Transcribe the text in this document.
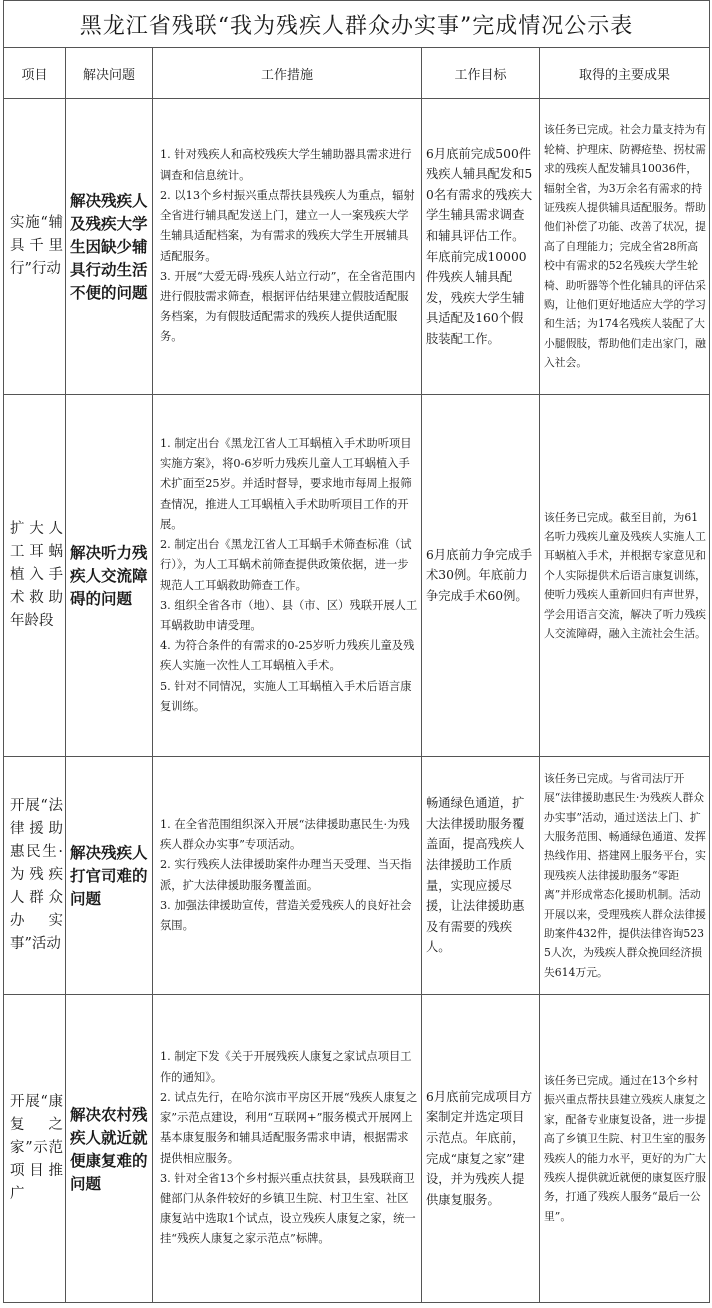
黑龙江省残联“我为残疾人群众办实事”完成情况公示表				
项目	解决问题	工作措施	工作目标	取得的主要成果
实施“辅具千里行”行动	解决残疾人及残疾大学生因缺少辅具行动生活不便的问题	1. 针对残疾人和高校残疾大学生辅助器具需求进行调查和信息统计。
2. 以13个乡村振兴重点帮扶县残疾人为重点，辐射全省进行辅具配发送上门，建立一人一案残疾大学生辅具适配档案，为有需求的残疾大学生开展辅具适配服务。
3. 开展“大爱无碍·残疾人站立行动”，在全省范围内进行假肢需求筛查，根据评估结果建立假肢适配服务档案，为有假肢适配需求的残疾人提供适配服务。	6月底前完成500件残疾人辅具配发和50名有需求的残疾大学生辅具需求调查和辅具评估工作。年底前完成10000件残疾人辅具配发，残疾大学生辅具适配及160个假肢装配工作。	该任务已完成。社会力量支持为有轮椅、护理床、防褥疮垫、拐杖需求的残疾人配发辅具10036件，辐射全省，为3万余名有需求的持证残疾人提供辅具适配服务。帮助他们补偿了功能、改善了状况，提高了自理能力；完成全省28所高校中有需求的52名残疾大学生轮椅、助听器等个性化辅具的评估采购，让他们更好地适应大学的学习和生活；为174名残疾人装配了大小腿假肢，帮助他们走出家门，融入社会。
扩大人工耳蜗植入手术救助年龄段	解决听力残疾人交流障碍的问题	1. 制定出台《黑龙江省人工耳蜗植入手术助听项目实施方案》，将0-6岁听力残疾儿童人工耳蜗植入手术扩面至25岁。并适时督导，要求地市每周上报筛查情况，推进人工耳蜗植入手术助听项目工作的开展。
2. 制定出台《黑龙江省人工耳蜗手术筛查标准（试行）》，为人工耳蜗术前筛查提供政策依据，进一步规范人工耳蜗救助筛查工作。
3. 组织全省各市（地）、县（市、区）残联开展人工耳蜗救助申请受理。
4. 为符合条件的有需求的0-25岁听力残疾儿童及残疾人实施一次性人工耳蜗植入手术。
5. 针对不同情况，实施人工耳蜗植入手术后语言康复训练。	6月底前力争完成手术30例。年底前力争完成手术60例。	该任务已完成。截至目前，为61名听力残疾儿童及残疾人实施人工耳蜗植入手术，并根据专家意见和个人实际提供术后语言康复训练，使听力残疾人重新回归有声世界，学会用语言交流，解决了听力残疾人交流障碍，融入主流社会生活。
开展“法律援助惠民生·为残疾人群众办实事”活动	解决残疾人打官司难的问题	1. 在全省范围组织深入开展“法律援助惠民生·为残疾人群众办实事”专项活动。
2. 实行残疾人法律援助案件办理当天受理、当天指派，扩大法律援助服务覆盖面。
3. 加强法律援助宣传，营造关爱残疾人的良好社会氛围。	畅通绿色通道，扩大法律援助服务覆盖面，提高残疾人法律援助工作质量，实现应援尽援，让法律援助惠及有需要的残疾人。	该任务已完成。与省司法厅开展“法律援助惠民生·为残疾人群众办实事”活动，通过送法上门、扩大服务范围、畅通绿色通道、发挥热线作用、搭建网上服务平台，实现残疾人法律援助服务“零距离”并形成常态化援助机制。活动开展以来，受理残疾人群众法律援助案件432件，提供法律咨询5235人次，为残疾人群众挽回经济损失614万元。
开展“康复之家”示范项目推广	解决农村残疾人就近就便康复难的问题	1. 制定下发《关于开展残疾人康复之家试点项目工作的通知》。
2. 试点先行，在哈尔滨市平房区开展“残疾人康复之家”示范点建设，利用“互联网+”服务模式开展网上基本康复服务和辅具适配服务需求申请，根据需求提供相应服务。
3. 针对全省13个乡村振兴重点扶贫县，县残联商卫健部门从条件较好的乡镇卫生院、村卫生室、社区康复站中选取1个试点，设立残疾人康复之家，统一挂“残疾人康复之家示范点”标牌。	6月底前完成项目方案制定并选定项目示范点。年底前，完成“康复之家”建设，并为残疾人提供康复服务。	该任务已完成。通过在13个乡村振兴重点帮扶县建立残疾人康复之家，配备专业康复设备，进一步提高了乡镇卫生院、村卫生室的服务残疾人的能力水平，更好的为广大残疾人提供就近就便的康复医疗服务，打通了残疾人服务“最后一公里”。
